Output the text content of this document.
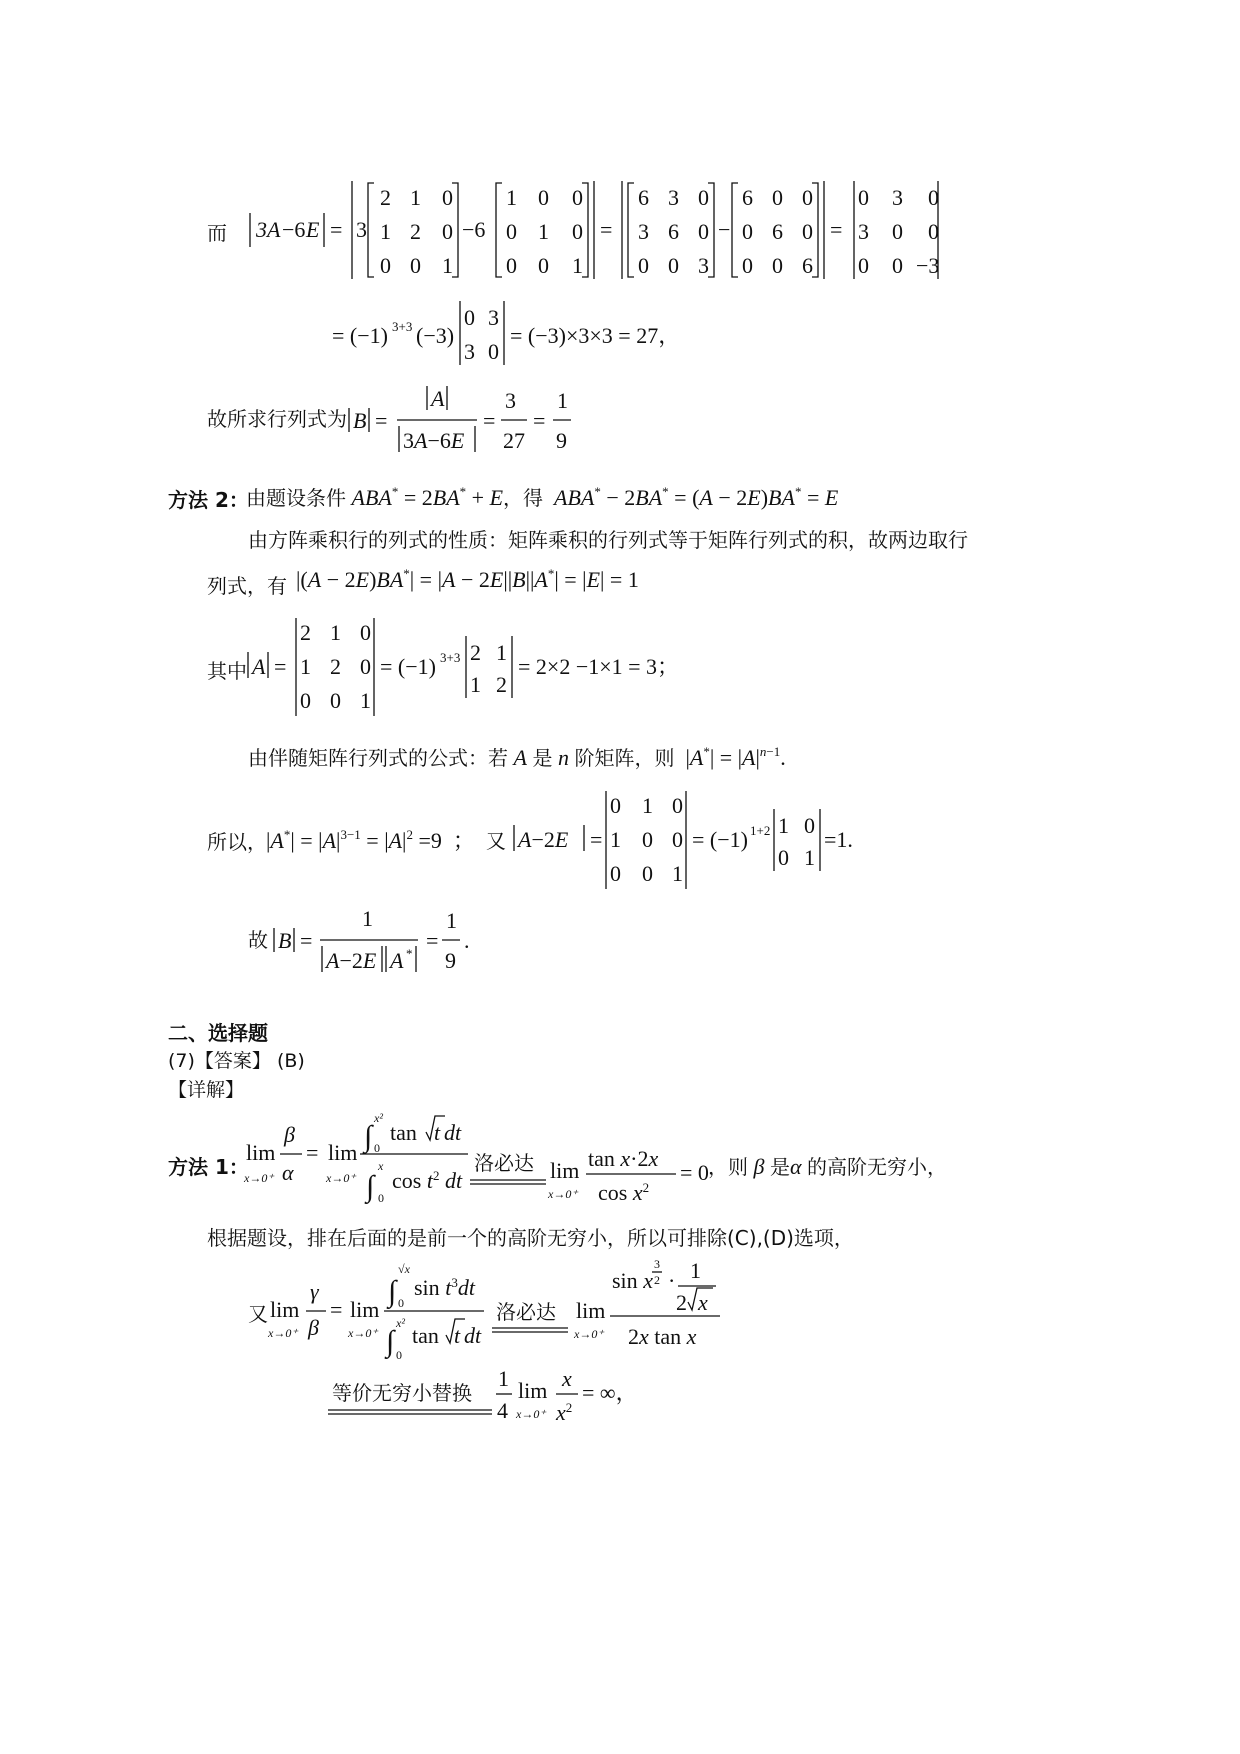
而 3A −6 E = 3
2 1 0
1 2 0
0 0 1
−6
1 0 0
0 1 0
0 0 1
=
6 3 0
3 6 0
0 0 3
−
6 0 0
0 6 0
0 0 6
=
0 3 0
3 0 0
0 0 −3
= (−1) 3+3 (−3)
0 3
3 0
= (−3)×3×3 = 27，
故所求行列式为 B =
A
3A−6E
=
3
27
=
1
9
方法 2：
由题设条件 ABA* = 2BA* + E，得 ABA* − 2BA* = (A − 2E)BA* = E
由方阵乘积行的列式的性质：矩阵乘积的行列式等于矩阵行列式的积，故两边取行
列式，有 |(A − 2E)BA*| = |A − 2E||B||A*| = |E| = 1
其中 A =
2 1 0
1 2 0
0 0 1
= (−1) 3+3 2 1
1 2
= 2×2 −1×1 = 3；
由伴随矩阵行列式的公式：若 A 是 n 阶矩阵，则  $|A^*| = |A|^{n-1}$.
所以， $|A^*| = |A|^{3-1} = |A|^2 =9$  ；  又 A−2E =
0 1 0
1 0 0
0 0 1
= (−1) 1+2 1 0
0 1
=1.
故 B =
1
A−2E A *
=
1
9
.
二、选择题
(7)【答案】 (B)
【详解】
方法 1：
lim
x→0⁺
β
α
= lim
x→0⁺
∫
x²
0
tan t dt
∫
x
0
$\cos t^2$ dt
洛必达 lim
x→0⁺
tan x·2x
$\cos x^2$
= 0 ，则 β 是α 的高阶无穷小，
根据题设，排在后面的是前一个的高阶无穷小，所以可排除(C),(D)选项，
又 lim
x→0⁺
γ
β
= lim
x→0⁺
∫
√x
0
$\sin t^3dt$
∫
x²
0
tan t dt
洛必达 lim
x→0⁺
sin x
3
2 · 1
2 x
2x tan x
等价无穷小替换
1
4
lim
x→0⁺
x
$x^2$
= ∞，
